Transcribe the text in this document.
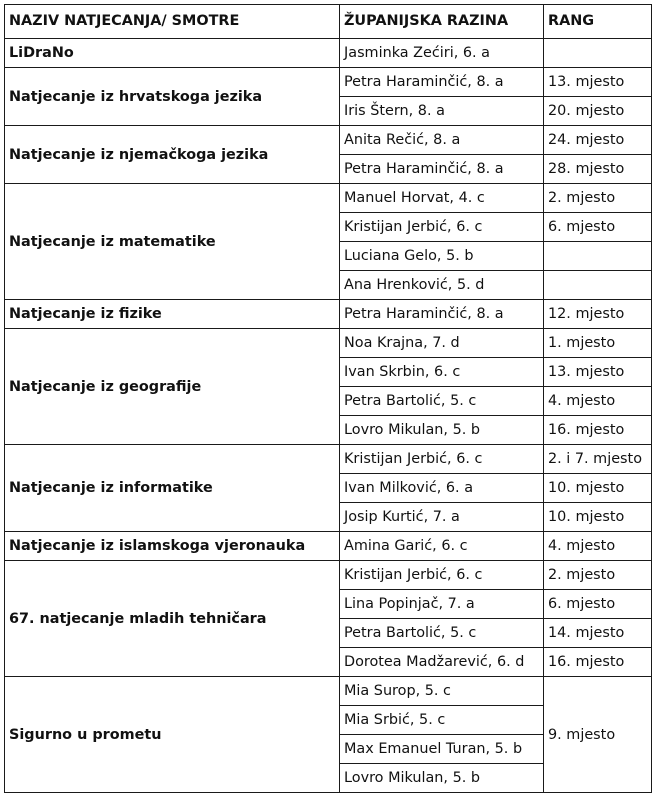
NAZIV NATJECANJA/ SMOTRE	ŽUPANIJSKA RAZINA	RANG
LiDraNo	Jasminka Zećiri, 6. a	
Natjecanje iz hrvatskoga jezika	Petra Haraminčić, 8. a	13. mjesto
	Iris Štern, 8. a	20. mjesto
Natjecanje iz njemačkoga jezika	Anita Rečić, 8. a	24. mjesto
	Petra Haraminčić, 8. a	28. mjesto
Natjecanje iz matematike	Manuel Horvat, 4. c	2. mjesto
	Kristijan Jerbić, 6. c	6. mjesto
	Luciana Gelo, 5. b	
	Ana Hrenković, 5. d	
Natjecanje iz fizike	Petra Haraminčić, 8. a	12. mjesto
Natjecanje iz geografije	Noa Krajna, 7. d	1. mjesto
	Ivan Skrbin, 6. c	13. mjesto
	Petra Bartolić, 5. c	4. mjesto
	Lovro Mikulan, 5. b	16. mjesto
Natjecanje iz informatike	Kristijan Jerbić, 6. c	2. i 7. mjesto
	Ivan Milković, 6. a	10. mjesto
	Josip Kurtić, 7. a	10. mjesto
Natjecanje iz islamskoga vjeronauka	Amina Garić, 6. c	4. mjesto
67. natjecanje mladih tehničara	Kristijan Jerbić, 6. c	2. mjesto
	Lina Popinjač, 7. a	6. mjesto
	Petra Bartolić, 5. c	14. mjesto
	Dorotea Madžarević, 6. d	16. mjesto
Sigurno u prometu	Mia Surop, 5. c	9. mjesto
	Mia Srbić, 5. c	
	Max Emanuel Turan, 5. b	
	Lovro Mikulan, 5. b	
